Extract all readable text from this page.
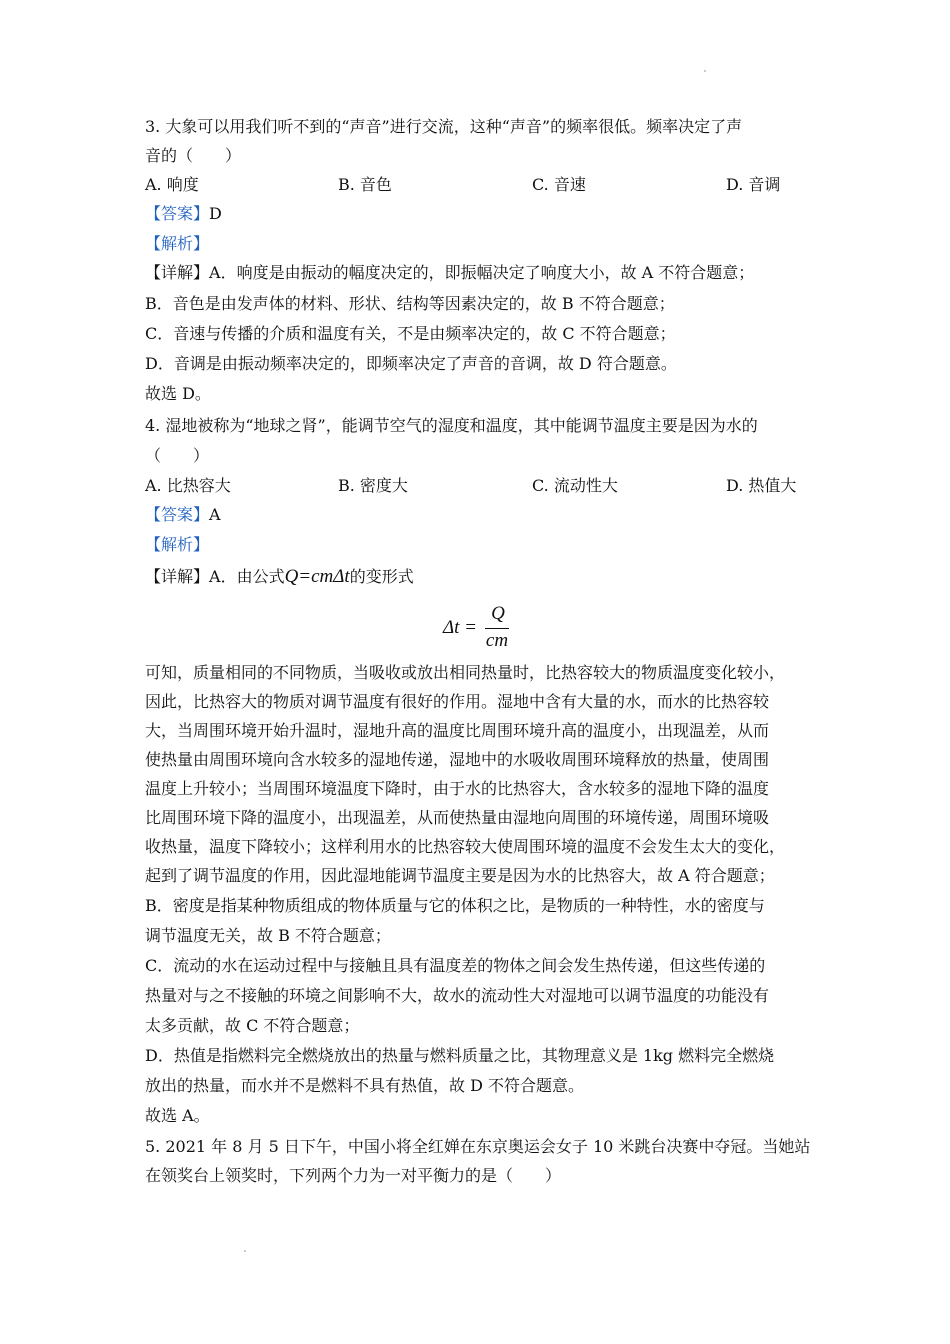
3. 大象可以用我们听不到的“声音”进行交流，这种“声音”的频率很低。频率决定了声
音的（　　）
A. 响度	B. 音色	C. 音速	D. 音调
【答案】D
【解析】
【详解】A．响度是由振动的幅度决定的，即振幅决定了响度大小，故 A 不符合题意；
B．音色是由发声体的材料、形状、结构等因素决定的，故 B 不符合题意；
C．音速与传播的介质和温度有关，不是由频率决定的，故 C 不符合题意；
D．音调是由振动频率决定的，即频率决定了声音的音调，故 D 符合题意。
故选 D。
4. 湿地被称为“地球之肾”，能调节空气的湿度和温度，其中能调节温度主要是因为水的
（　　）
A. 比热容大	B. 密度大	C. 流动性大	D. 热值大
【答案】A
【解析】
【详解】A．由公式Q=cmΔt的变形式
Δt =
Q
cm
可知，质量相同的不同物质，当吸收或放出相同热量时，比热容较大的物质温度变化较小，
因此，比热容大的物质对调节温度有很好的作用。湿地中含有大量的水，而水的比热容较
大，当周围环境开始升温时，湿地升高的温度比周围环境升高的温度小，出现温差，从而
使热量由周围环境向含水较多的湿地传递，湿地中的水吸收周围环境释放的热量，使周围
温度上升较小；当周围环境温度下降时，由于水的比热容大，含水较多的湿地下降的温度
比周围环境下降的温度小，出现温差，从而使热量由湿地向周围的环境传递，周围环境吸
收热量，温度下降较小；这样利用水的比热容较大使周围环境的温度不会发生太大的变化，
起到了调节温度的作用，因此湿地能调节温度主要是因为水的比热容大，故 A 符合题意；
B．密度是指某种物质组成的物体质量与它的体积之比，是物质的一种特性，水的密度与
调节温度无关，故 B 不符合题意；
C．流动的水在运动过程中与接触且具有温度差的物体之间会发生热传递，但这些传递的
热量对与之不接触的环境之间影响不大，故水的流动性大对湿地可以调节温度的功能没有
太多贡献，故 C 不符合题意；
D．热值是指燃料完全燃烧放出的热量与燃料质量之比，其物理意义是 1kg 燃料完全燃烧
放出的热量，而水并不是燃料不具有热值，故 D 不符合题意。
故选 A。
5. 2021 年 8 月 5 日下午，中国小将全红婵在东京奥运会女子 10 米跳台决赛中夺冠。当她站
在领奖台上领奖时，下列两个力为一对平衡力的是（　　）
